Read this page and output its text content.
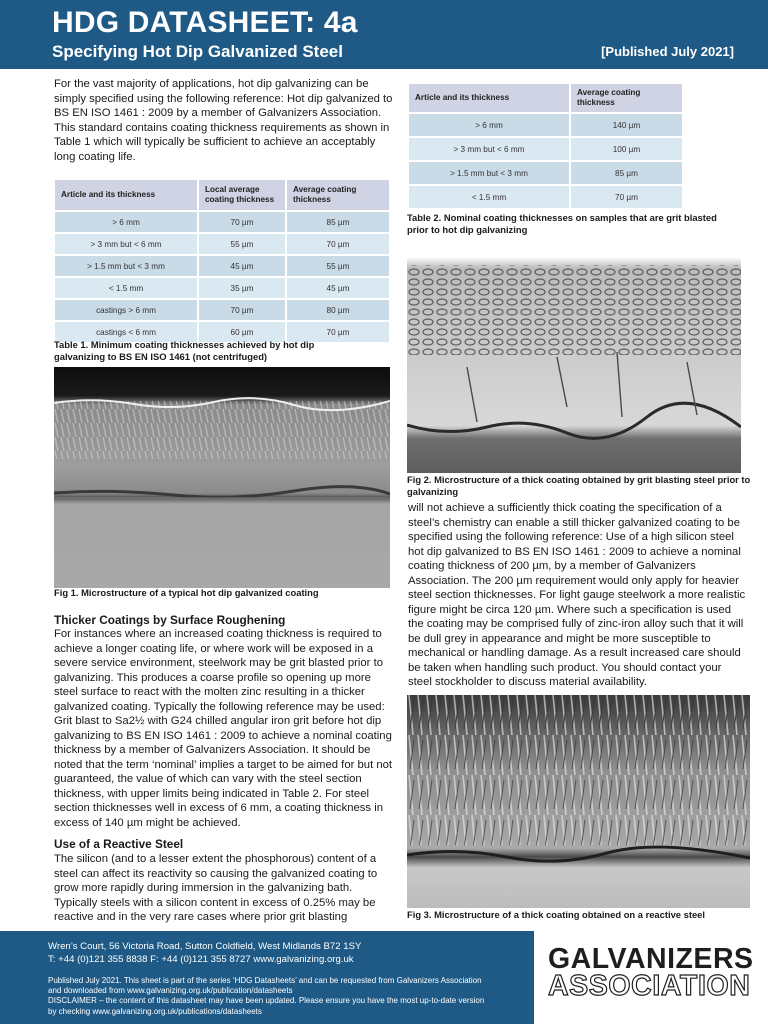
HDG DATASHEET: 4a
Specifying Hot Dip Galvanized Steel	[Published July 2021]

For the vast majority of applications, hot dip galvanizing can be simply specified using the following reference: Hot dip galvanized to BS EN ISO 1461 : 2009 by a member of Galvanizers Association. This standard contains coating thickness requirements as shown in Table 1 which will typically be sufficient to achieve an acceptably long coating life.

Article and its thickness	Local average coating thickness	Average coating thickness
> 6 mm	70 µm	85 µm
> 3 mm but < 6 mm	55 µm	70 µm
> 1.5 mm but < 3 mm	45 µm	55 µm
< 1.5 mm	35 µm	45 µm
castings > 6 mm	70 µm	80 µm
castings < 6 mm	60 µm	70 µm

Table 1. Minimum coating thicknesses achieved by hot dip galvanizing to BS EN ISO 1461 (not centrifuged)

Fig 1. Microstructure of a typical hot dip galvanized coating

Thicker Coatings by Surface Roughening

For instances where an increased coating thickness is required to achieve a longer coating life, or where work will be exposed in a severe service environment, steelwork may be grit blasted prior to galvanizing. This produces a coarse profile so opening up more steel surface to react with the molten zinc resulting in a thicker galvanized coating. Typically the following reference may be used: Grit blast to Sa2½ with G24 chilled angular iron grit before hot dip galvanizing to BS EN ISO 1461 : 2009 to achieve a nominal coating thickness by a member of Galvanizers Association. It should be noted that the term ‘nominal’ implies a target to be aimed for but not guaranteed, the value of which can vary with the steel section thickness, with upper limits being indicated in Table 2. For steel section thicknesses well in excess of 6 mm, a coating thickness in excess of 140 µm might be achieved.

Use of a Reactive Steel

The silicon (and to a lesser extent the phosphorous) content of a steel can affect its reactivity so causing the galvanized coating to grow more rapidly during immersion in the galvanizing bath. Typically steels with a silicon content in excess of 0.25% may be reactive and in the very rare cases where prior grit blasting

Article and its thickness	Average coating thickness
> 6 mm	140 µm
> 3 mm but < 6 mm	100 µm
> 1.5 mm but < 3 mm	85 µm
< 1.5 mm	70 µm

Table 2. Nominal coating thicknesses on samples that are grit blasted prior to hot dip galvanizing

Fig 2. Microstructure of a thick coating obtained by grit blasting steel prior to galvanizing

will not achieve a sufficiently thick coating the specification of a steel’s chemistry can enable a still thicker galvanized coating to be specified using the following reference: Use of a high silicon steel hot dip galvanized to BS EN ISO 1461 : 2009 to achieve a nominal coating thickness of 200 µm, by a member of Galvanizers Association. The 200 µm requirement would only apply for heavier steel section thicknesses. For light gauge steelwork a more realistic figure might be circa 120 µm. Where such a specification is used the coating may be comprised fully of zinc-iron alloy such that it will be dull grey in appearance and might be more susceptible to mechanical or handling damage. As a result increased care should be taken when handling such product. You should contact your steel stockholder to discuss material availability.

Fig 3. Microstructure of a thick coating obtained on a reactive steel

Wren’s Court, 56 Victoria Road, Sutton Coldfield, West Midlands B72 1SY
T: +44 (0)121 355 8838 F: +44 (0)121 355 8727 www.galvanizing.org.uk
Published July 2021. This sheet is part of the series ‘HDG Datasheets’ and can be requested from Galvanizers Association and downloaded from www.galvanizing.org.uk/publication/datasheets
DISCLAIMER – the content of this datasheet may have been updated. Please ensure you have the most up-to-date version by checking www.galvanizing.org.uk/publications/datasheets
GALVANIZERS
ASSOCIATION
